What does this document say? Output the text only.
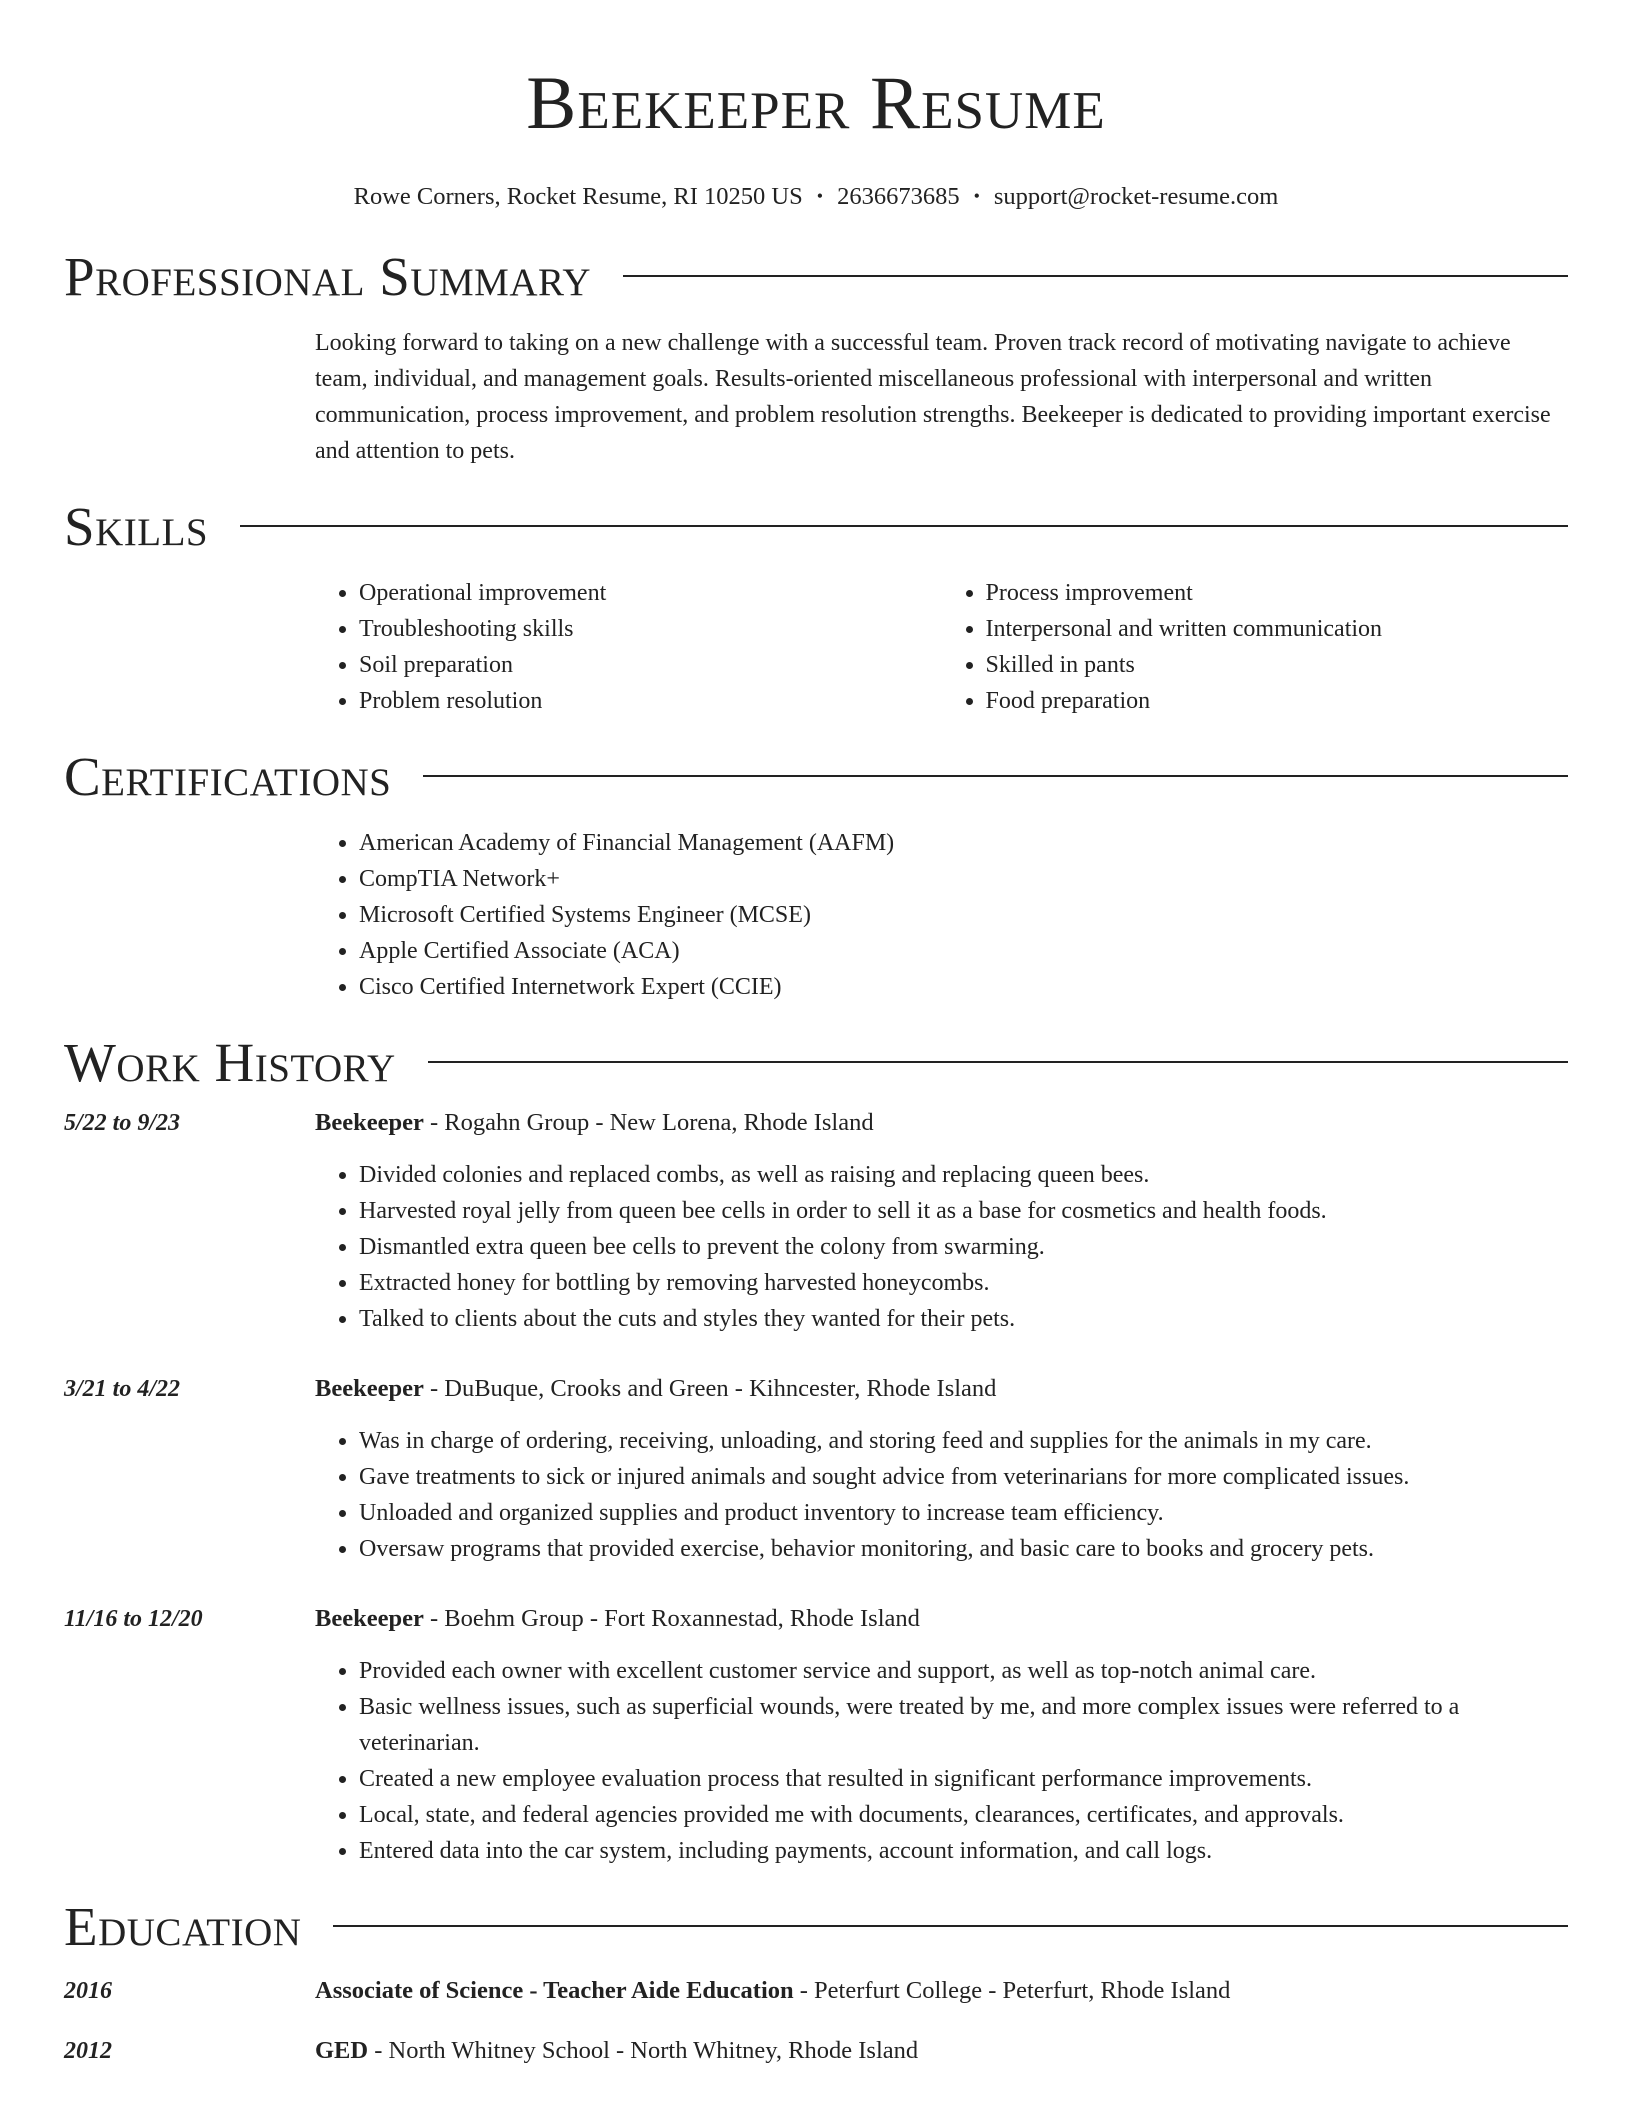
Beekeeper Resume
Rowe Corners, Rocket Resume, RI 10250 US • 2636673685 • support@rocket-resume.com
Professional Summary

Looking forward to taking on a new challenge with a successful team. Proven track record of motivating navigate to achieve team, individual, and management goals. Results-oriented miscellaneous professional with interpersonal and written communication, process improvement, and problem resolution strengths. Beekeeper is dedicated to providing important exercise and attention to pets.

Skills
• Operational improvement
• Troubleshooting skills
• Soil preparation
• Problem resolution
• Process improvement
• Interpersonal and written communication
• Skilled in pants
• Food preparation
Certifications
• American Academy of Financial Management (AAFM)
• CompTIA Network+
• Microsoft Certified Systems Engineer (MCSE)
• Apple Certified Associate (ACA)
• Cisco Certified Internetwork Expert (CCIE)
Work History
5/22 to 9/23	Beekeeper - Rogahn Group - New Lorena, Rhode Island
• Divided colonies and replaced combs, as well as raising and replacing queen bees.
• Harvested royal jelly from queen bee cells in order to sell it as a base for cosmetics and health foods.
• Dismantled extra queen bee cells to prevent the colony from swarming.
• Extracted honey for bottling by removing harvested honeycombs.
• Talked to clients about the cuts and styles they wanted for their pets.
3/21 to 4/22	Beekeeper - DuBuque, Crooks and Green - Kihncester, Rhode Island
• Was in charge of ordering, receiving, unloading, and storing feed and supplies for the animals in my care.
• Gave treatments to sick or injured animals and sought advice from veterinarians for more complicated issues.
• Unloaded and organized supplies and product inventory to increase team efficiency.
• Oversaw programs that provided exercise, behavior monitoring, and basic care to books and grocery pets.
11/16 to 12/20	Beekeeper - Boehm Group - Fort Roxannestad, Rhode Island
• Provided each owner with excellent customer service and support, as well as top-notch animal care.
• Basic wellness issues, such as superficial wounds, were treated by me, and more complex issues were referred to a veterinarian.
• Created a new employee evaluation process that resulted in significant performance improvements.
• Local, state, and federal agencies provided me with documents, clearances, certificates, and approvals.
• Entered data into the car system, including payments, account information, and call logs.
Education
2016	Associate of Science - Teacher Aide Education - Peterfurt College - Peterfurt, Rhode Island
2012	GED - North Whitney School - North Whitney, Rhode Island
